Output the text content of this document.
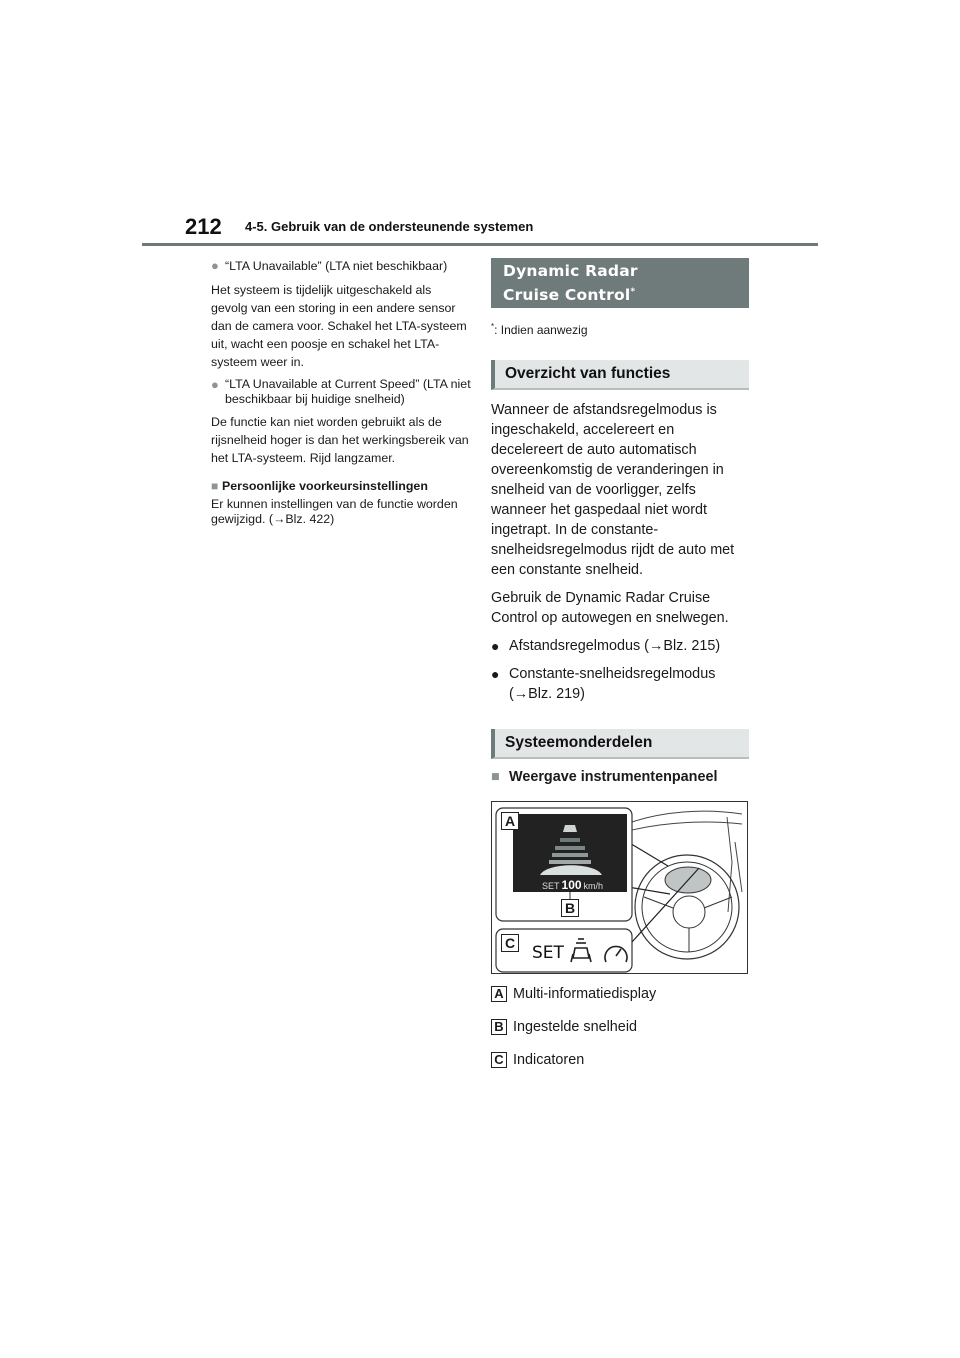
212 4-5. Gebruik van de ondersteunende systemen
● “LTA Unavailable” (LTA niet beschikbaar)

Het systeem is tijdelijk uitgeschakeld als gevolg van een storing in een andere sensor dan de camera voor. Schakel het LTA-systeem uit, wacht een poosje en schakel het LTA-systeem weer in.

● “LTA Unavailable at Current Speed” (LTA niet beschikbaar bij huidige snelheid)

De functie kan niet worden gebruikt als de rijsnelheid hoger is dan het werkingsbereik van het LTA-systeem. Rijd langzamer.

■ Persoonlijke voorkeursinstellingen

Er kunnen instellingen van de functie worden gewijzigd. (→Blz. 422)

Dynamic Radar
Cruise Control*
*: Indien aanwezig
Overzicht van functies

Wanneer de afstandsregelmodus is ingeschakeld, accelereert en decelereert de auto automatisch overeenkomstig de veranderingen in snelheid van de voorligger, zelfs wanneer het gaspedaal niet wordt ingetrapt. In de constante-snelheidsregelmodus rijdt de auto met een constante snelheid.

Gebruik de Dynamic Radar Cruise Control op autowegen en snelwegen.

● Afstandsregelmodus (→Blz. 215)
● Constante-snelheidsregelmodus (→Blz. 219)
Systeemonderdelen
■ Weergave instrumentenpaneel
A
B
C
SET 100 km/h
SET
A Multi-informatiedisplay
B Ingestelde snelheid
C Indicatoren
